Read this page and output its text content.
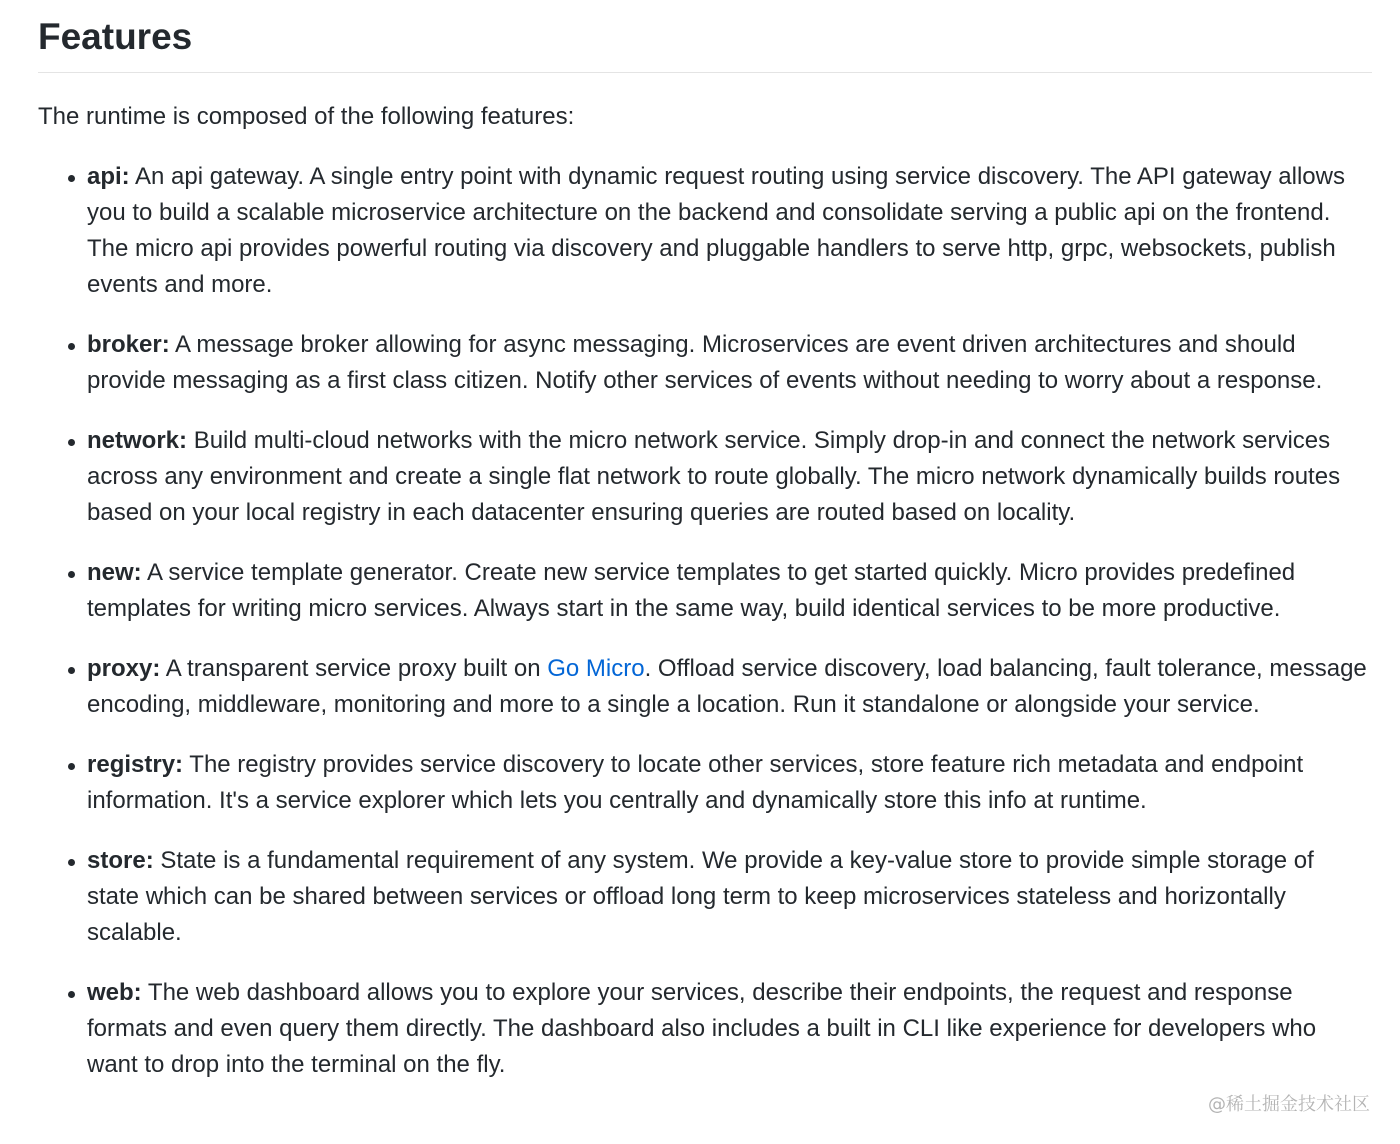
Features

The runtime is composed of the following features:

api: An api gateway. A single entry point with dynamic request routing using service discovery. The API gateway allows you to build a scalable microservice architecture on the backend and consolidate serving a public api on the frontend. The micro api provides powerful routing via discovery and pluggable handlers to serve http, grpc, websockets, publish events and more.
broker: A message broker allowing for async messaging. Microservices are event driven architectures and should provide messaging as a first class citizen. Notify other services of events without needing to worry about a response.
network: Build multi-cloud networks with the micro network service. Simply drop-in and connect the network services across any environment and create a single flat network to route globally. The micro network dynamically builds routes based on your local registry in each datacenter ensuring queries are routed based on locality.
new: A service template generator. Create new service templates to get started quickly. Micro provides predefined templates for writing micro services. Always start in the same way, build identical services to be more productive.
proxy: A transparent service proxy built on Go Micro. Offload service discovery, load balancing, fault tolerance, message encoding, middleware, monitoring and more to a single a location. Run it standalone or alongside your service.
registry: The registry provides service discovery to locate other services, store feature rich metadata and endpoint information. It's a service explorer which lets you centrally and dynamically store this info at runtime.
store: State is a fundamental requirement of any system. We provide a key-value store to provide simple storage of state which can be shared between services or offload long term to keep microservices stateless and horizontally scalable.
web: The web dashboard allows you to explore your services, describe their endpoints, the request and response formats and even query them directly. The dashboard also includes a built in CLI like experience for developers who want to drop into the terminal on the fly.
@稀土掘金技术社区
